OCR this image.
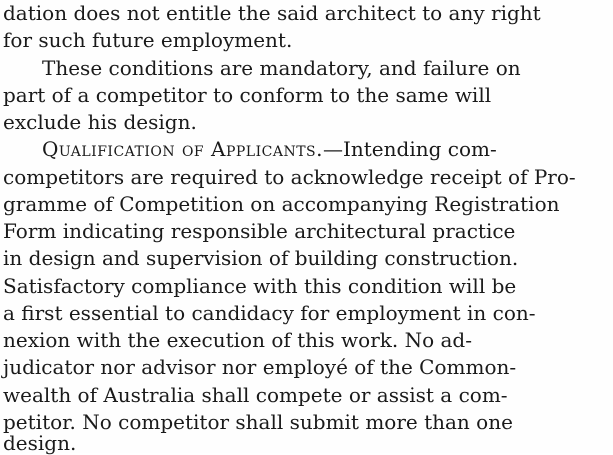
dation does not entitle the said architect to any right
for such future employment.
These conditions are mandatory, and failure on
part of a competitor to conform to the same will
exclude his design.
Qualification of Applicants.—Intending com-
competitors are required to acknowledge receipt of Pro-
gramme of Competition on accompanying Registration
Form indicating responsible architectural practice
in design and supervision of building construction.
Satisfactory compliance with this condition will be
a first essential to candidacy for employment in con-
nexion with the execution of this work. No ad-
judicator nor advisor nor employé of the Common-
wealth of Australia shall compete or assist a com-
petitor. No competitor shall submit more than one
design.
